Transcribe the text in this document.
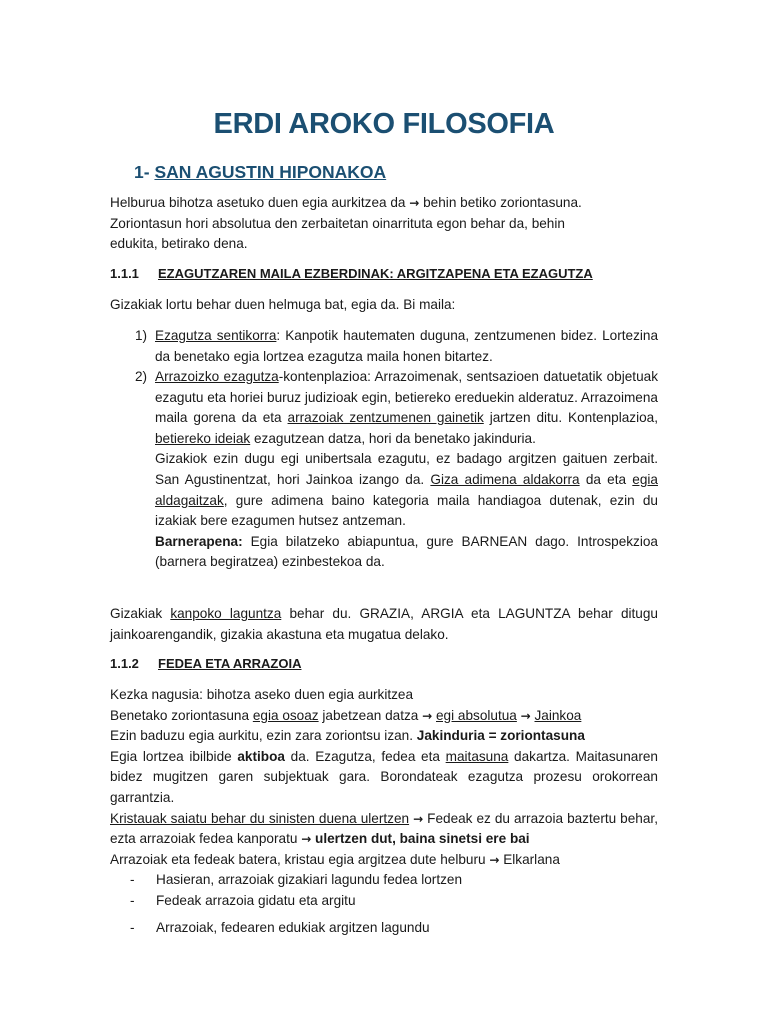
ERDI AROKO FILOSOFIA
1- SAN AGUSTIN HIPONAKOA
Helburua bihotza asetuko duen egia aurkitzea da → behin betiko zoriontasuna.
Zoriontasun hori absolutua den zerbaitetan oinarrituta egon behar da, behin
edukita, betirako dena.
1.1.1 EZAGUTZAREN MAILA EZBERDINAK: ARGITZAPENA ETA EZAGUTZA
Gizakiak lortu behar duen helmuga bat, egia da. Bi maila:
1) Ezagutza sentikorra: Kanpotik hautematen duguna, zentzumenen bidez. Lortezina da benetako egia lortzea ezagutza maila honen bitartez.
2) Arrazoizko ezagutza-kontenplazioa: Arrazoimenak, sentsazioen datuetatik objetuak ezagutu eta horiei buruz judizioak egin, betiereko ereduekin alderatuz. Arrazoimena maila gorena da eta arrazoiak zentzumenen gainetik jartzen ditu. Kontenplazioa, betiereko ideiak ezagutzean datza, hori da benetako jakinduria.
Gizakiok ezin dugu egi unibertsala ezagutu, ez badago argitzen gaituen zerbait. San Agustinentzat, hori Jainkoa izango da. Giza adimena aldakorra da eta egia aldagaitzak, gure adimena baino kategoria maila handiagoa dutenak, ezin du izakiak bere ezagumen hutsez antzeman.
Barnerapena: Egia bilatzeko abiapuntua, gure BARNEAN dago. Introspekzioa (barnera begiratzea) ezinbestekoa da.
Gizakiak kanpoko laguntza behar du. GRAZIA, ARGIA eta LAGUNTZA behar ditugu jainkoarengandik, gizakia akastuna eta mugatua delako.
1.1.2 FEDEA ETA ARRAZOIA
Kezka nagusia: bihotza aseko duen egia aurkitzea
Benetako zoriontasuna egia osoaz jabetzean datza → egi absolutua → Jainkoa
Ezin baduzu egia aurkitu, ezin zara zoriontsu izan. Jakinduria = zoriontasuna
Egia lortzea ibilbide aktiboa da. Ezagutza, fedea eta maitasuna dakartza. Maitasunaren bidez mugitzen garen subjektuak gara. Borondateak ezagutza prozesu orokorrean garrantzia.
Kristauak saiatu behar du sinisten duena ulertzen → Fedeak ez du arrazoia baztertu behar, ezta arrazoiak fedea kanporatu → ulertzen dut, baina sinetsi ere bai
Arrazoiak eta fedeak batera, kristau egia argitzea dute helburu → Elkarlana
- Hasieran, arrazoiak gizakiari lagundu fedea lortzen
- Fedeak arrazoia gidatu eta argitu
- Arrazoiak, fedearen edukiak argitzen lagundu
